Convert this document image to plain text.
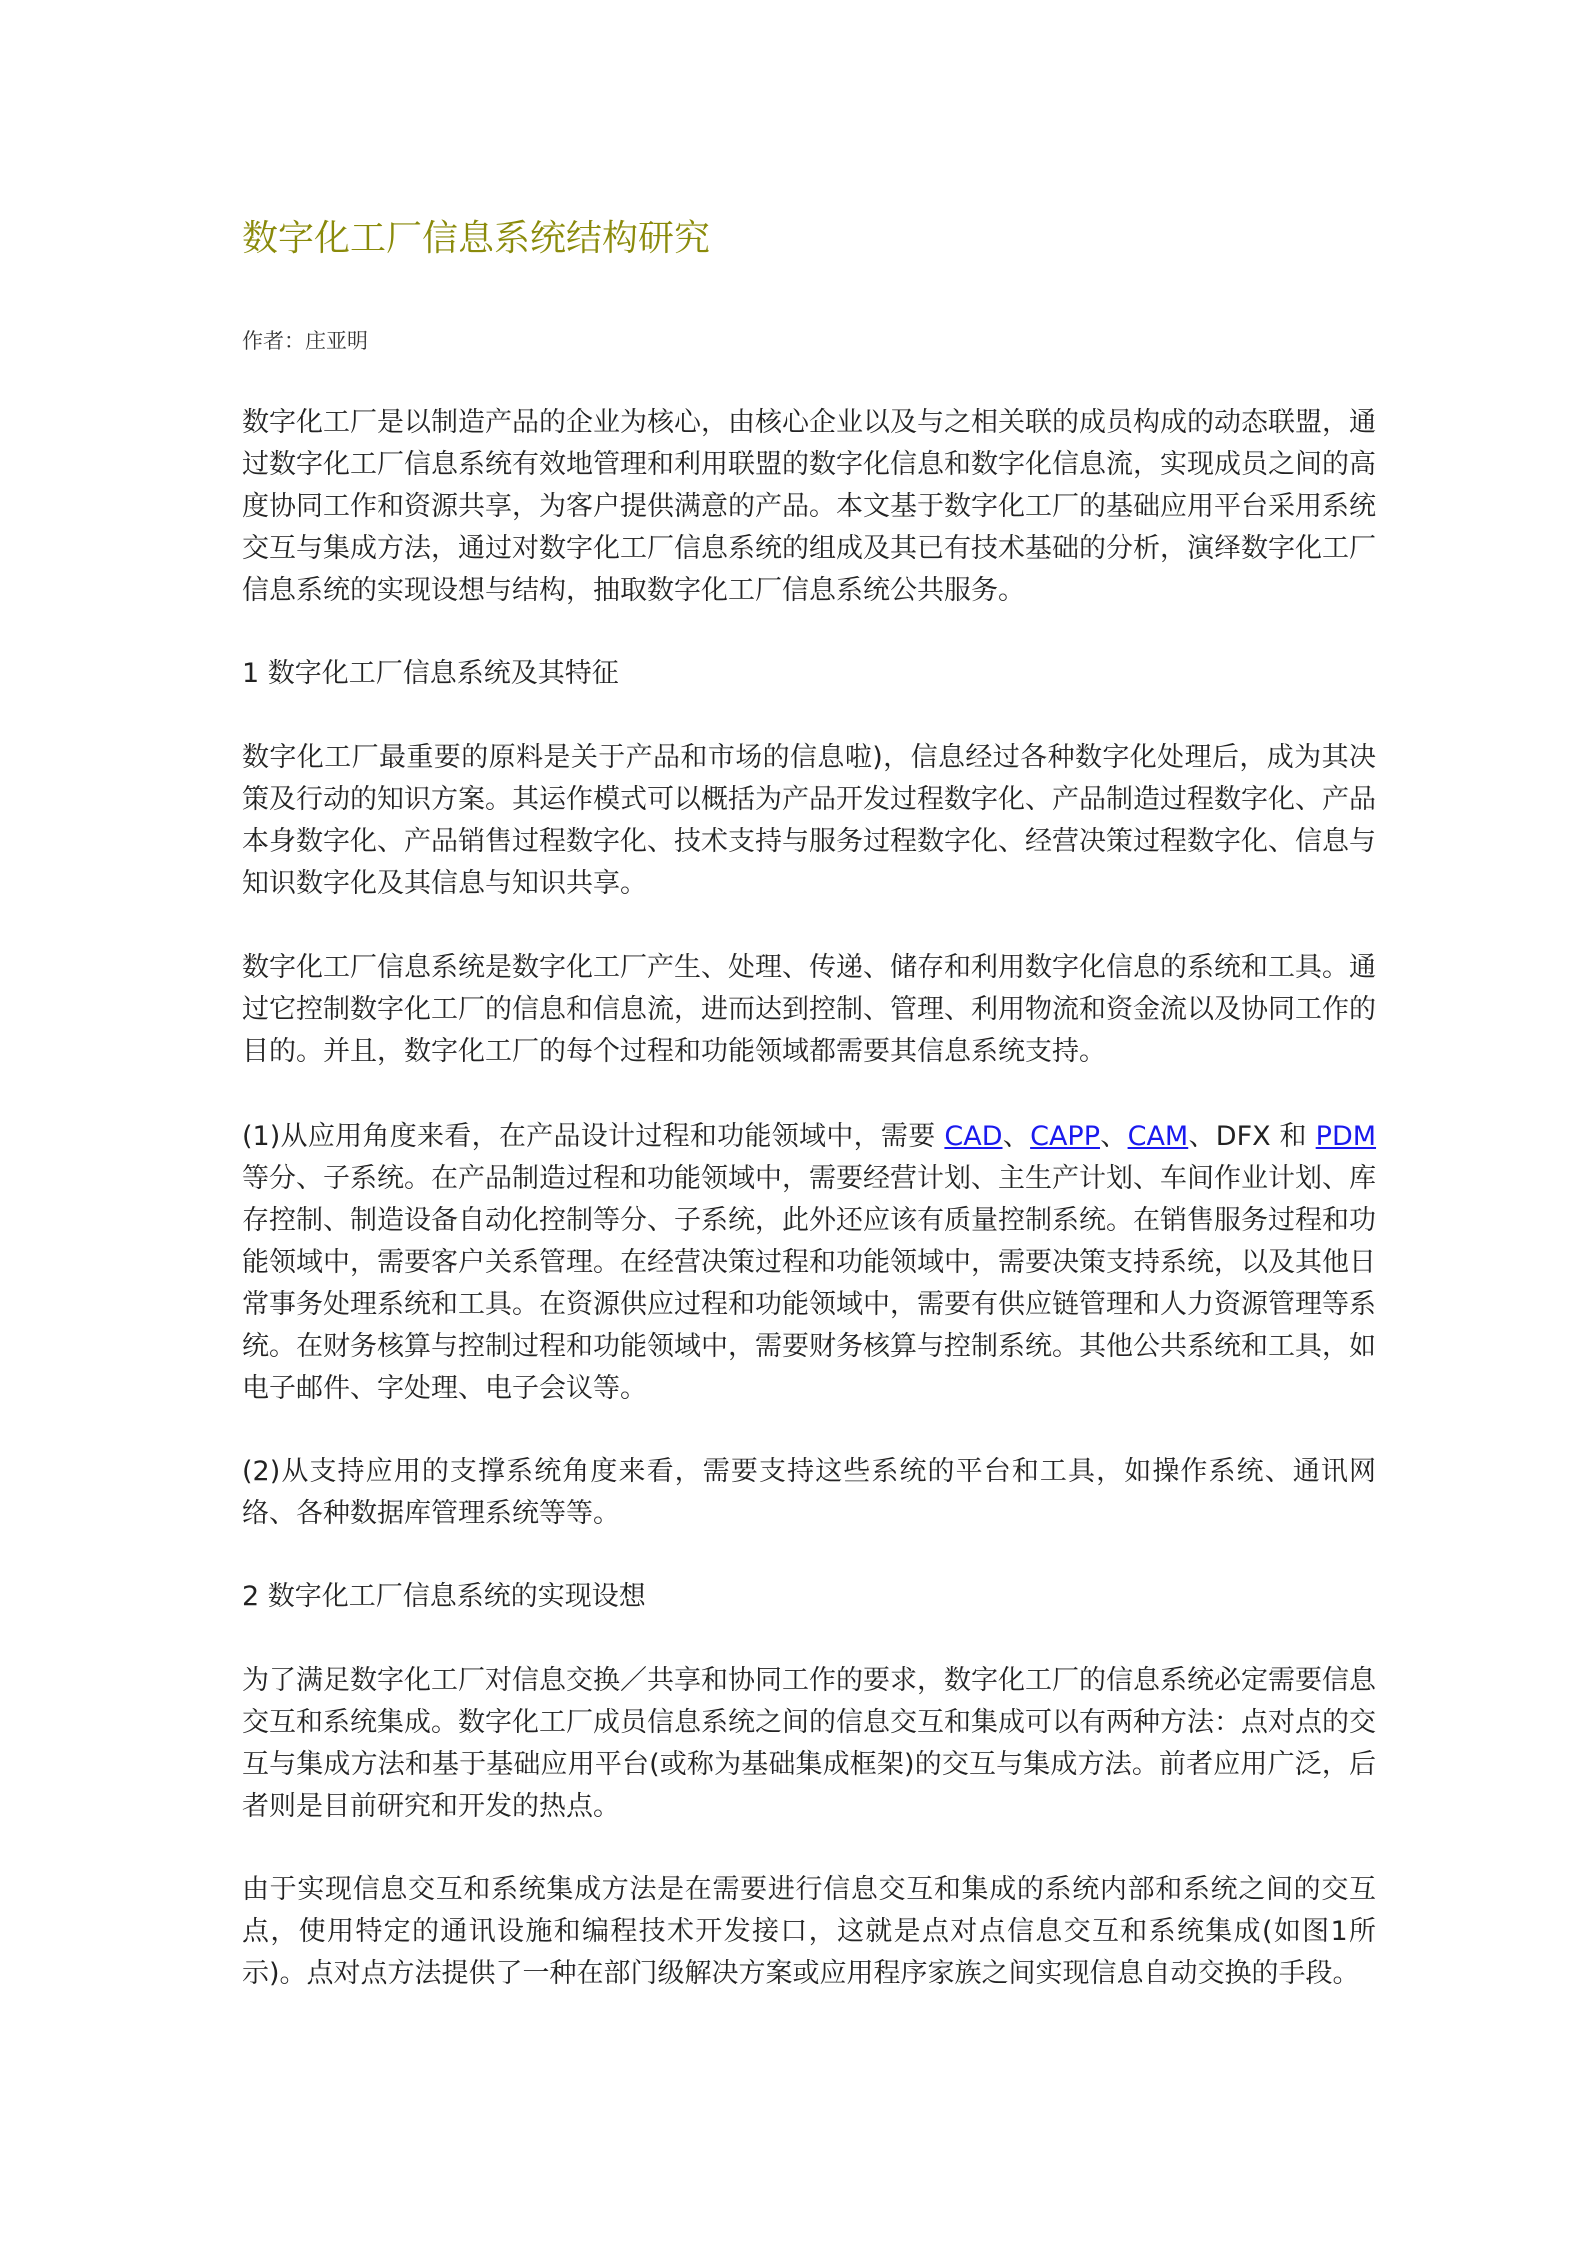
数字化工厂信息系统结构研究
作者：庄亚明

数字化工厂是以制造产品的企业为核心，由核心企业以及与之相关联的成员构成的动态联盟，通过数字化工厂信息系统有效地管理和利用联盟的数字化信息和数字化信息流，实现成员之间的高度协同工作和资源共享，为客户提供满意的产品。本文基于数字化工厂的基础应用平台采用系统交互与集成方法，通过对数字化工厂信息系统的组成及其已有技术基础的分析，演绎数字化工厂信息系统的实现设想与结构，抽取数字化工厂信息系统公共服务。

1 数字化工厂信息系统及其特征

数字化工厂最重要的原料是关于产品和市场的信息啦)，信息经过各种数字化处理后，成为其决策及行动的知识方案。其运作模式可以概括为产品开发过程数字化、产品制造过程数字化、产品本身数字化、产品销售过程数字化、技术支持与服务过程数字化、经营决策过程数字化、信息与知识数字化及其信息与知识共享。

数字化工厂信息系统是数字化工厂产生、处理、传递、储存和利用数字化信息的系统和工具。通过它控制数字化工厂的信息和信息流，进而达到控制、管理、利用物流和资金流以及协同工作的目的。并且，数字化工厂的每个过程和功能领域都需要其信息系统支持。

(1)从应用角度来看，在产品设计过程和功能领域中，需要 CAD、CAPP、CAM、DFX 和 PDM 等分、子系统。在产品制造过程和功能领域中，需要经营计划、主生产计划、车间作业计划、库存控制、制造设备自动化控制等分、子系统，此外还应该有质量控制系统。在销售服务过程和功能领域中，需要客户关系管理。在经营决策过程和功能领域中，需要决策支持系统，以及其他日常事务处理系统和工具。在资源供应过程和功能领域中，需要有供应链管理和人力资源管理等系统。在财务核算与控制过程和功能领域中，需要财务核算与控制系统。其他公共系统和工具，如电子邮件、字处理、电子会议等。

(2)从支持应用的支撑系统角度来看，需要支持这些系统的平台和工具，如操作系统、通讯网络、各种数据库管理系统等等。

2 数字化工厂信息系统的实现设想

为了满足数字化工厂对信息交换／共享和协同工作的要求，数字化工厂的信息系统必定需要信息交互和系统集成。数字化工厂成员信息系统之间的信息交互和集成可以有两种方法：点对点的交互与集成方法和基于基础应用平台(或称为基础集成框架)的交互与集成方法。前者应用广泛，后者则是目前研究和开发的热点。

由于实现信息交互和系统集成方法是在需要进行信息交互和集成的系统内部和系统之间的交互点，使用特定的通讯设施和编程技术开发接口，这就是点对点信息交互和系统集成(如图1所示)。点对点方法提供了一种在部门级解决方案或应用程序家族之间实现信息自动交换的手段。
